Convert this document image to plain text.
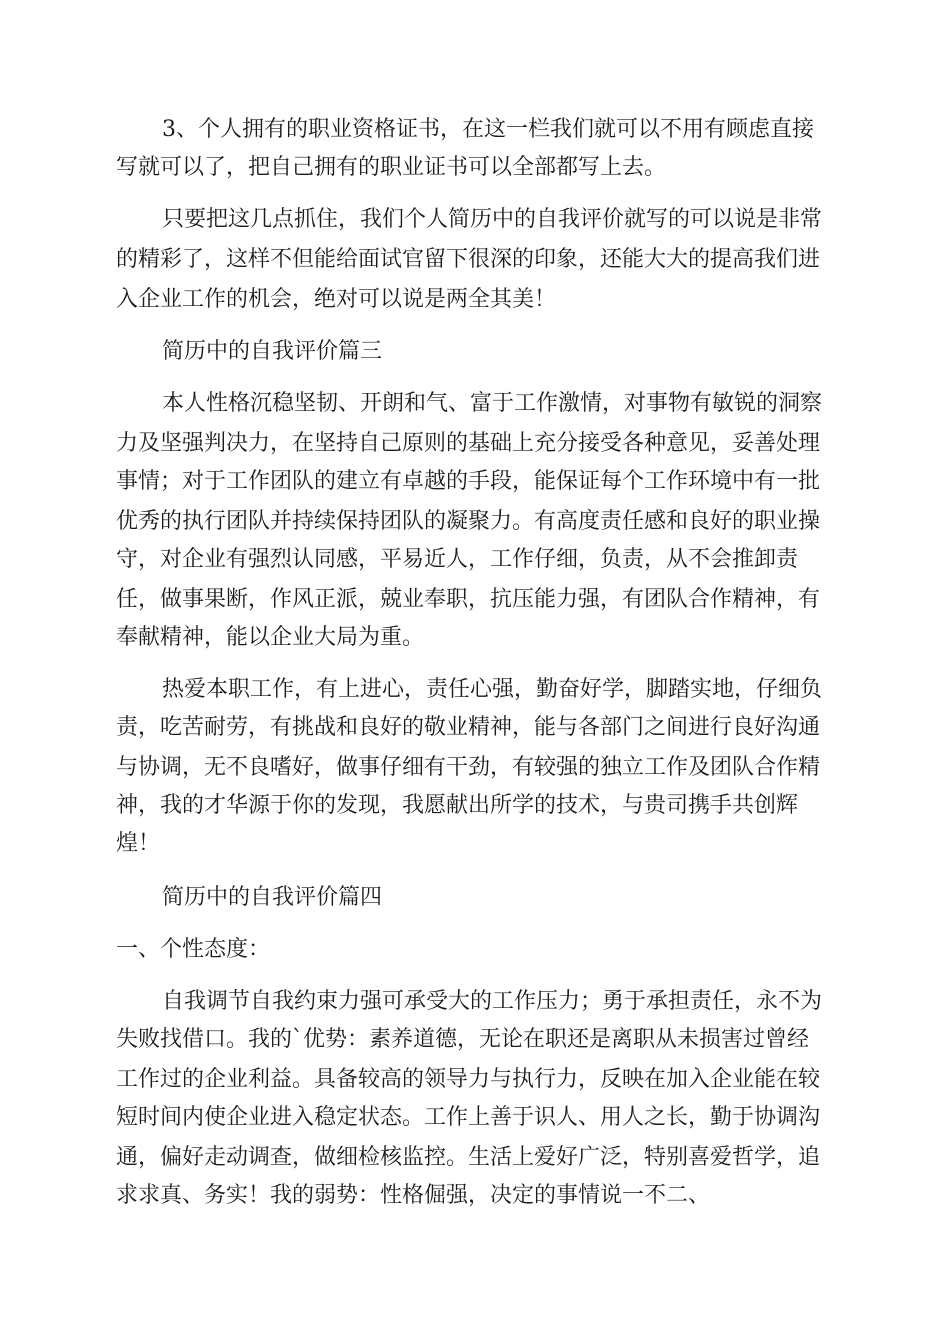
3、个人拥有的职业资格证书，在这一栏我们就可以不用有顾虑直接

写就可以了，把自己拥有的职业证书可以全部都写上去。

只要把这几点抓住，我们个人简历中的自我评价就写的可以说是非常

的精彩了，这样不但能给面试官留下很深的印象，还能大大的提高我们进

入企业工作的机会，绝对可以说是两全其美！

简历中的自我评价篇三

本人性格沉稳坚韧、开朗和气、富于工作激情，对事物有敏锐的洞察

力及坚强判决力，在坚持自己原则的基础上充分接受各种意见，妥善处理

事情；对于工作团队的建立有卓越的手段，能保证每个工作环境中有一批

优秀的执行团队并持续保持团队的凝聚力。有高度责任感和良好的职业操

守，对企业有强烈认同感，平易近人，工作仔细，负责，从不会推卸责

任，做事果断，作风正派，兢业奉职，抗压能力强，有团队合作精神，有

奉献精神，能以企业大局为重。

热爱本职工作，有上进心，责任心强，勤奋好学，脚踏实地，仔细负

责，吃苦耐劳，有挑战和良好的敬业精神，能与各部门之间进行良好沟通

与协调，无不良嗜好，做事仔细有干劲，有较强的独立工作及团队合作精

神，我的才华源于你的发现，我愿献出所学的技术，与贵司携手共创辉

煌！

简历中的自我评价篇四

一、个性态度：

自我调节自我约束力强可承受大的工作压力；勇于承担责任，永不为

失败找借口。我的`优势：素养道德，无论在职还是离职从未损害过曾经

工作过的企业利益。具备较高的领导力与执行力，反映在加入企业能在较

短时间内使企业进入稳定状态。工作上善于识人、用人之长，勤于协调沟

通，偏好走动调查，做细检核监控。生活上爱好广泛，特别喜爱哲学，追

求求真、务实！我的弱势：性格倔强，决定的事情说一不二、
